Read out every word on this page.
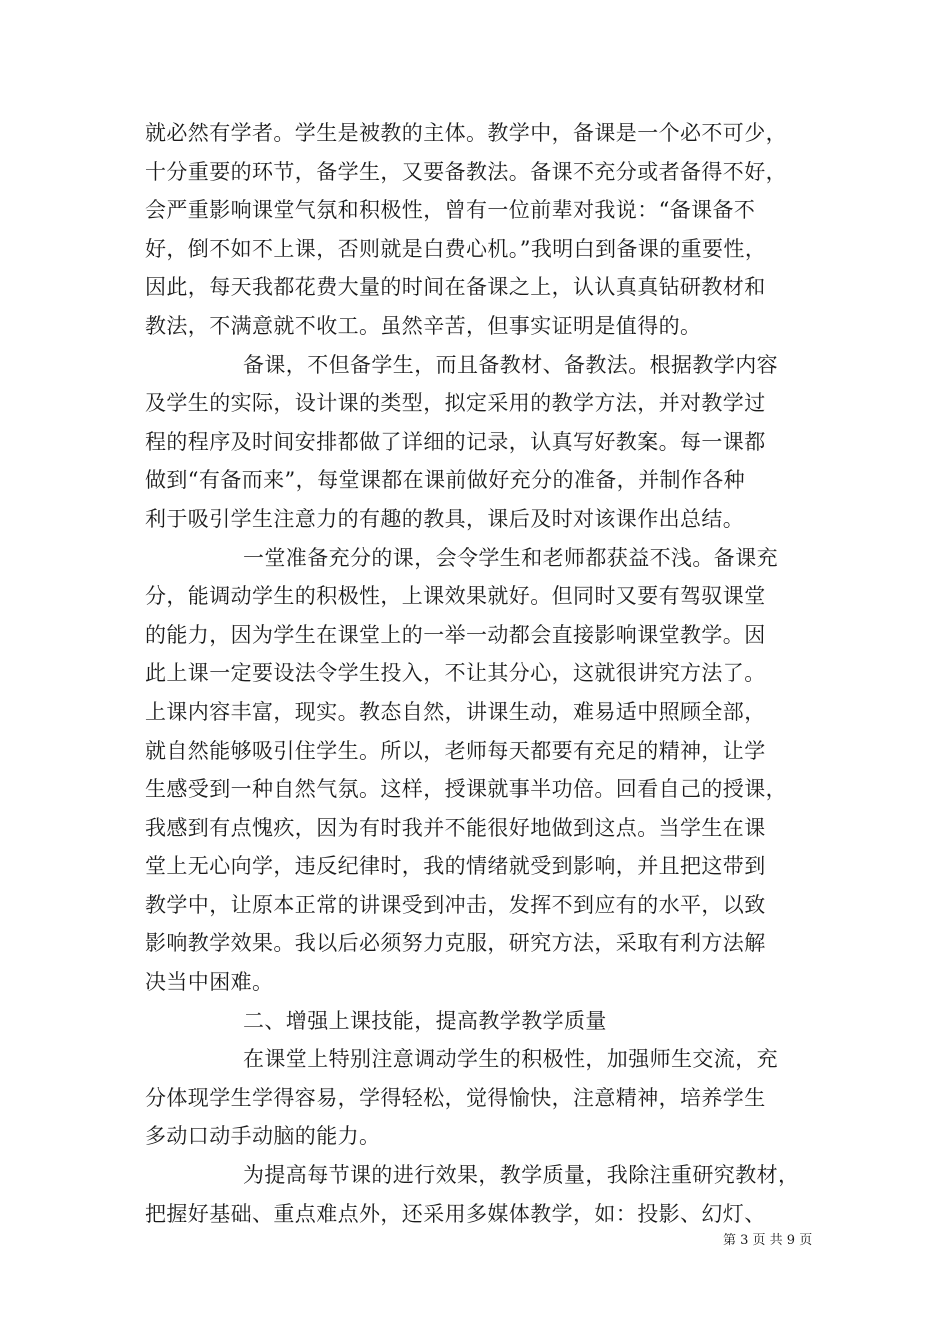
就必然有学者。学生是被教的主体。教学中，备课是一个必不可少，
十分重要的环节，备学生，又要备教法。备课不充分或者备得不好，
会严重影响课堂气氛和积极性，曾有一位前辈对我说：“备课备不
好，倒不如不上课，否则就是白费心机。”我明白到备课的重要性，
因此，每天我都花费大量的时间在备课之上，认认真真钻研教材和
教法，不满意就不收工。虽然辛苦，但事实证明是值得的。
备课，不但备学生，而且备教材、备教法。根据教学内容
及学生的实际，设计课的类型，拟定采用的教学方法，并对教学过
程的程序及时间安排都做了详细的记录，认真写好教案。每一课都
做到“有备而来”，每堂课都在课前做好充分的准备，并制作各种
利于吸引学生注意力的有趣的教具，课后及时对该课作出总结。
一堂准备充分的课，会令学生和老师都获益不浅。备课充
分，能调动学生的积极性，上课效果就好。但同时又要有驾驭课堂
的能力，因为学生在课堂上的一举一动都会直接影响课堂教学。因
此上课一定要设法令学生投入，不让其分心，这就很讲究方法了。
上课内容丰富，现实。教态自然，讲课生动，难易适中照顾全部，
就自然能够吸引住学生。所以，老师每天都要有充足的精神，让学
生感受到一种自然气氛。这样，授课就事半功倍。回看自己的授课，
我感到有点愧疚，因为有时我并不能很好地做到这点。当学生在课
堂上无心向学，违反纪律时，我的情绪就受到影响，并且把这带到
教学中，让原本正常的讲课受到冲击，发挥不到应有的水平，以致
影响教学效果。我以后必须努力克服，研究方法，采取有利方法解
决当中困难。
二、增强上课技能，提高教学教学质量
在课堂上特别注意调动学生的积极性，加强师生交流，充
分体现学生学得容易，学得轻松，觉得愉快，注意精神，培养学生
多动口动手动脑的能力。
为提高每节课的进行效果，教学质量，我除注重研究教材，
把握好基础、重点难点外，还采用多媒体教学，如：投影、幻灯、
第 3 页 共 9 页
